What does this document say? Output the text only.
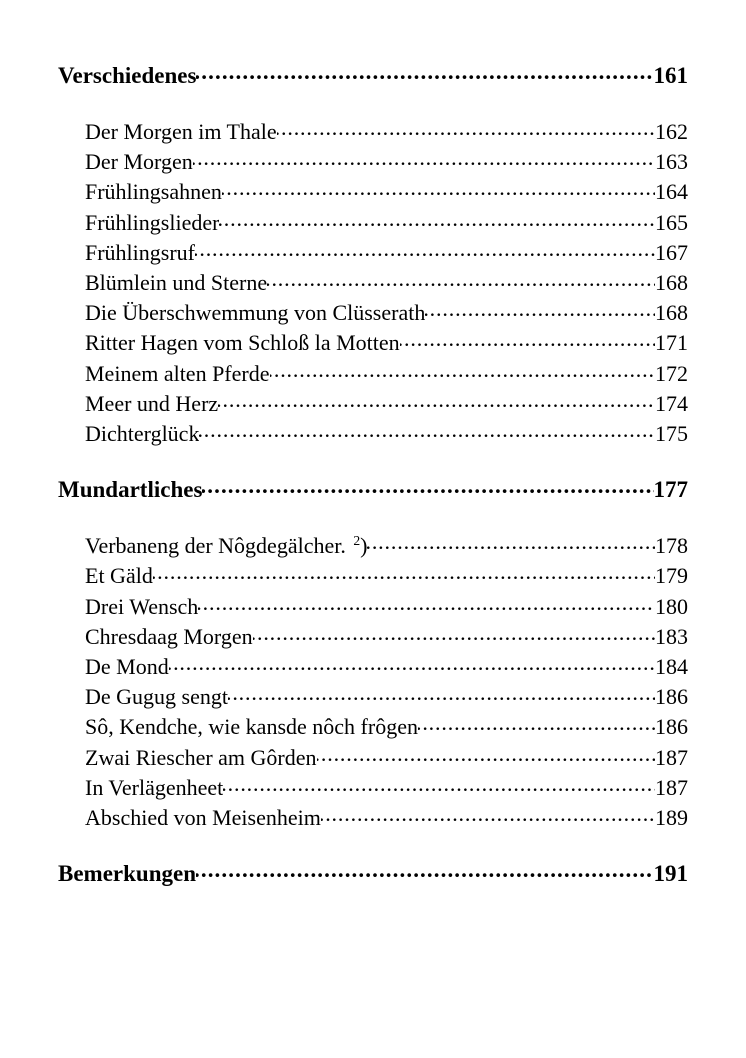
Verschiedenes .....	161
Der Morgen im Thale .....	162
Der Morgen .....	163
Frühlingsahnen .....	164
Frühlingslieder .....	165
Frühlingsruf .....	167
Blümlein und Sterne .....	168
Die Überschwemmung von Clüsserath .....	168
Ritter Hagen vom Schloß la Motten .....	171
Meinem alten Pferde .....	172
Meer und Herz .....	174
Dichterglück .....	175
Mundartliches .....	177
Verbaneng der Nôgdegälcher. $^2$) .....	178
Et Gäld .....	179
Drei Wensch .....	180
Chresdaag Morgen .....	183
De Mond .....	184
De Gugug sengt .....	186
Sô, Kendche, wie kansde nôch frôgen .....	186
Zwai Riescher am Gôrden .....	187
In Verlägenheet .....	187
Abschied von Meisenheim .....	189
Bemerkungen .....	191
